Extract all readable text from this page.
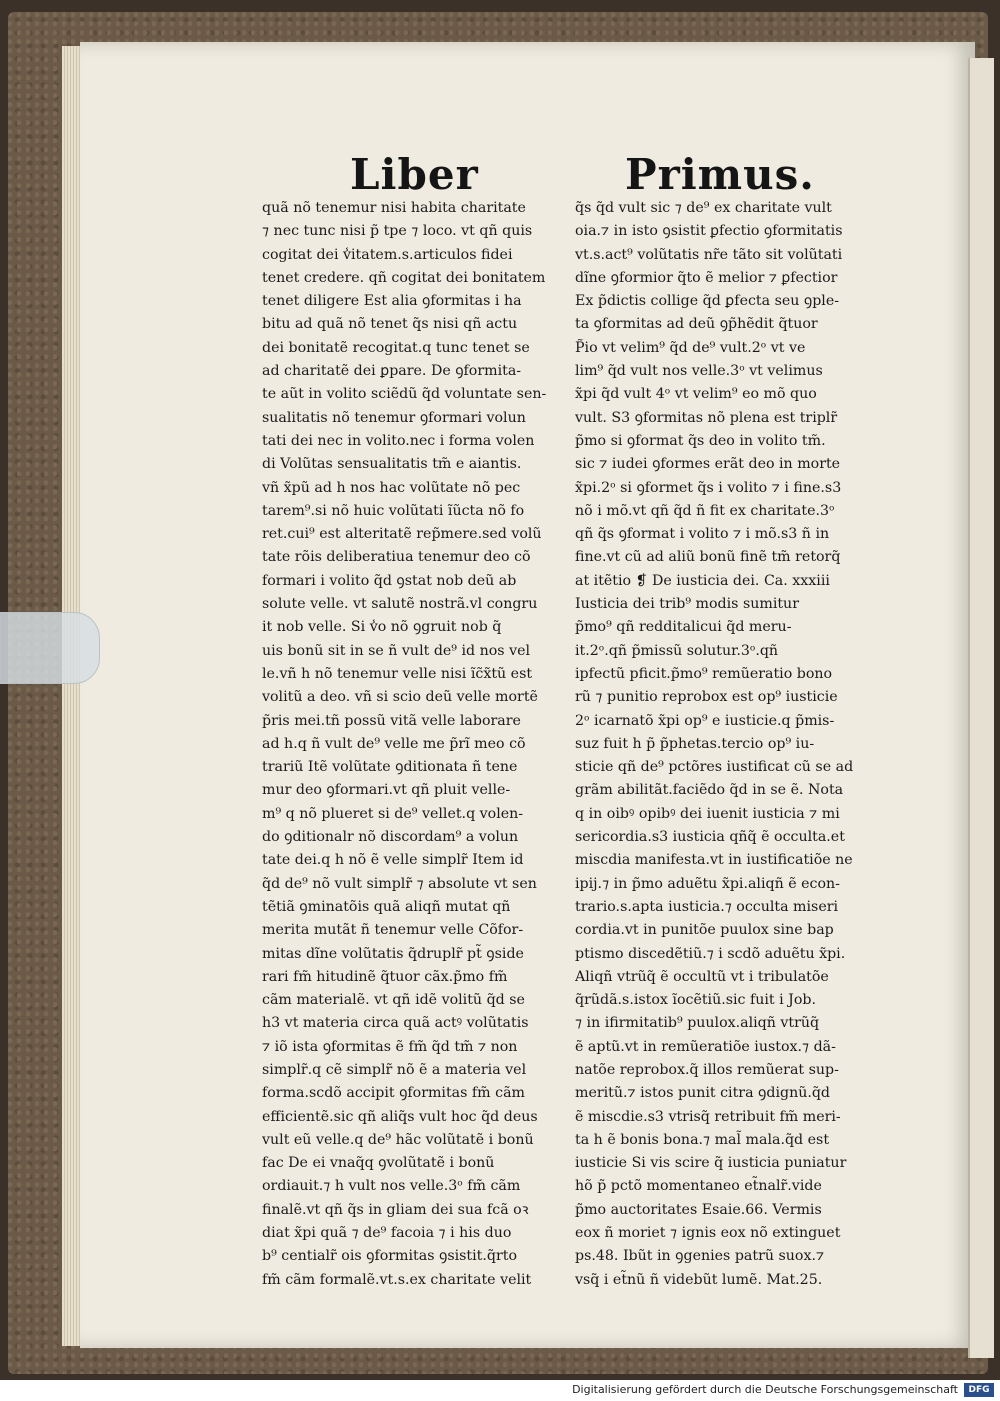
Liber	Primus.
quã nõ tenemur nisi habita charitate
⁊ nec tunc nisi p̃ tpe ⁊ loco. vt qñ quis
cogitat dei v̾itatem.s.articulos fidei
tenet credere. qñ cogitat dei bonitatem
tenet diligere Est alia ꝯformitas i ha
bitu ad quã nõ tenet q̃s nisi qñ actu
dei bonitatẽ recogitat.q tunc tenet se
ad charitatẽ dei ꝑpare. De ꝯformita‑
te aũt in volito sciẽdũ q̃d voluntate sen‑
sualitatis nõ tenemur ꝯformari volun
tati dei nec in volito.nec i forma volen
di Volũtas sensualitatis tm̃ e aiantis.
vñ x̃pũ ad h nos hac volũtate nõ pec
tarem⁹.si nõ huic volũtati ĩũcta nõ fo
ret.cui⁹ est alteritatẽ rep̃mere.sed volũ
tate rõis deliberatiua tenemur deo cõ
formari i volito q̃d ꝯstat nob deũ ab
solute velle. vt salutẽ nostrã.vl congru
it nob velle. Si v̾o nõ ꝯgruit nob q̃
uis bonũ sit in se ñ vult de⁹ id nos vel
le.vñ h nõ tenemur velle nisi ĩc̃x̃tũ est
volitũ a deo. vñ si scio deũ velle mortẽ
p̃ris mei.tñ possũ vitã velle laborare
ad h.q ñ vult de⁹ velle me p̃rĩ meo cõ
trariũ Itẽ volũtate ꝯditionata ñ tene
mur deo ꝯformari.vt qñ pluit velle‑
m⁹ q nõ plueret si de⁹ vellet.q volen‑
do ꝯditionalr nõ discordam⁹ a volun
tate dei.q h nõ ẽ velle simplr̃ Item id
q̃d de⁹ nõ vult simplr̃ ⁊ absolute vt sen
tẽtiã ꝯminatõis quã aliqñ mutat qñ
merita mutãt ñ tenemur velle Cõfor‑
mitas dĩne volũtatis q̃druplr̃ pt̃ ꝯside
rari fm̃ hitudinẽ q̃tuor cãx.p̃mo fm̃
cãm materialẽ. vt qñ idẽ volitũ q̃d se
h3 vt materia circa quã actꝰ volũtatis
⁊ iõ ista ꝯformitas ẽ fm̃ q̃d tm̃ ⁊ non
simplr̃.q cẽ simplr̃ nõ ẽ a materia vel
forma.scdõ accipit ꝯformitas fm̃ cãm
efficientẽ.sic qñ aliq̃s vult hoc q̃d deus
vult eũ velle.q de⁹ hãc volũtatẽ i bonũ
fac De ei vnaq̃q ꝯvolũtatẽ i bonũ
ordiauit.⁊ h vult nos velle.3ᵒ fm̃ cãm
finalẽ.vt qñ q̃s in gliam dei sua fcã oꝛ
diat x̃pi quã ⁊ de⁹ facoia ⁊ i his duo
b⁹ centialr̃ ois ꝯformitas ꝯsistit.q̃rto
fm̃ cãm formalẽ.vt.s.ex charitate velit
q̃s q̃d vult sic ⁊ de⁹ ex charitate vult
oia.⁊ in isto ꝯsistit ꝑfectio ꝯformitatis
vt.s.act⁹ volũtatis nr̃e tãto sit volũtati
dĩne ꝯformior q̃to ẽ melior ⁊ ꝑfectior
Ex p̃dictis collige q̃d ꝑfecta seu ꝯple‑
ta ꝯformitas ad deũ ꝯp̃hẽdit q̃tuor
P̃io vt velim⁹ q̃d de⁹ vult.2ᵒ vt ve
lim⁹ q̃d vult nos velle.3ᵒ vt velimus
x̃pi q̃d vult 4ᵒ vt velim⁹ eo mõ quo
vult. S3 ꝯformitas nõ plena est triplr̃
p̃mo si ꝯformat q̃s deo in volito tm̃.
sic ⁊ iudei ꝯformes erãt deo in morte
x̃pi.2ᵒ si ꝯformet q̃s i volito ⁊ i fine.s3
nõ i mõ.vt qñ q̃d ñ fit ex charitate.3ᵒ
qñ q̃s ꝯformat i volito ⁊ i mõ.s3 ñ in
fine.vt cũ ad aliũ bonũ finẽ tm̃ retorq̃
at itẽtio ❡ De iusticia dei. Ca. xxxiii
Iusticia dei trib⁹ modis sumitur
p̃mo⁹ qñ redditalicui q̃d meru‑
it.2ᵒ.qñ p̃missũ solutur.3ᵒ.qñ
ipfectũ pficit.p̃mo⁹ remũeratio bono
rũ ⁊ punitio reprobox est op⁹ iusticie
2ᵒ icarnatõ x̃pi op⁹ e iusticie.q p̃mis‑
suz fuit h p̃ p̃phetas.tercio op⁹ iu‑
sticie qñ de⁹ pctõres iustificat cũ se ad
grãm abilitãt.faciẽdo q̃d in se ẽ. Nota
q in oibꝰ opibꝰ dei iuenit iusticia ⁊ mi
sericordia.s3 iusticia qñq̃ ẽ occulta.et
miscdia manifesta.vt in iustificatiõe ne
ipij.⁊ in p̃mo aduẽtu x̃pi.aliqñ ẽ econ‑
trario.s.apta iusticia.⁊ occulta miseri
cordia.vt in punitõe puulox sine bap
ptismo discedẽtiũ.⁊ i scdõ aduẽtu x̃pi.
Aliqñ vtrũq̃ ẽ occultũ vt i tribulatõe
q̃rũdã.s.istox ĩocẽtiũ.sic fuit i Job.
⁊ in ifirmitatib⁹ puulox.aliqñ vtrũq̃
ẽ aptũ.vt in remũeratiõe iustox.⁊ dã‑
natõe reprobox.q̃ illos remũerat sup‑
meritũ.⁊ istos punit citra ꝯdignũ.q̃d
ẽ miscdie.s3 vtrisq̃ retribuit fm̃ meri‑
ta h ẽ bonis bona.⁊ mal̃ mala.q̃d est
iusticie Si vis scire q̃ iusticia puniatur
hõ p̃ pctõ momentaneo et̃nalr̃.vide
p̃mo auctoritates Esaie.66. Vermis
eox ñ moriet ⁊ ignis eox nõ extinguet
ps.48. Ibũt in ꝯgenies patrũ suox.⁊
vsq̃ i et̃nũ ñ videbũt lumẽ. Mat.25.
Digitalisierung gefördert durch die Deutsche Forschungsgemeinschaft	DFG
